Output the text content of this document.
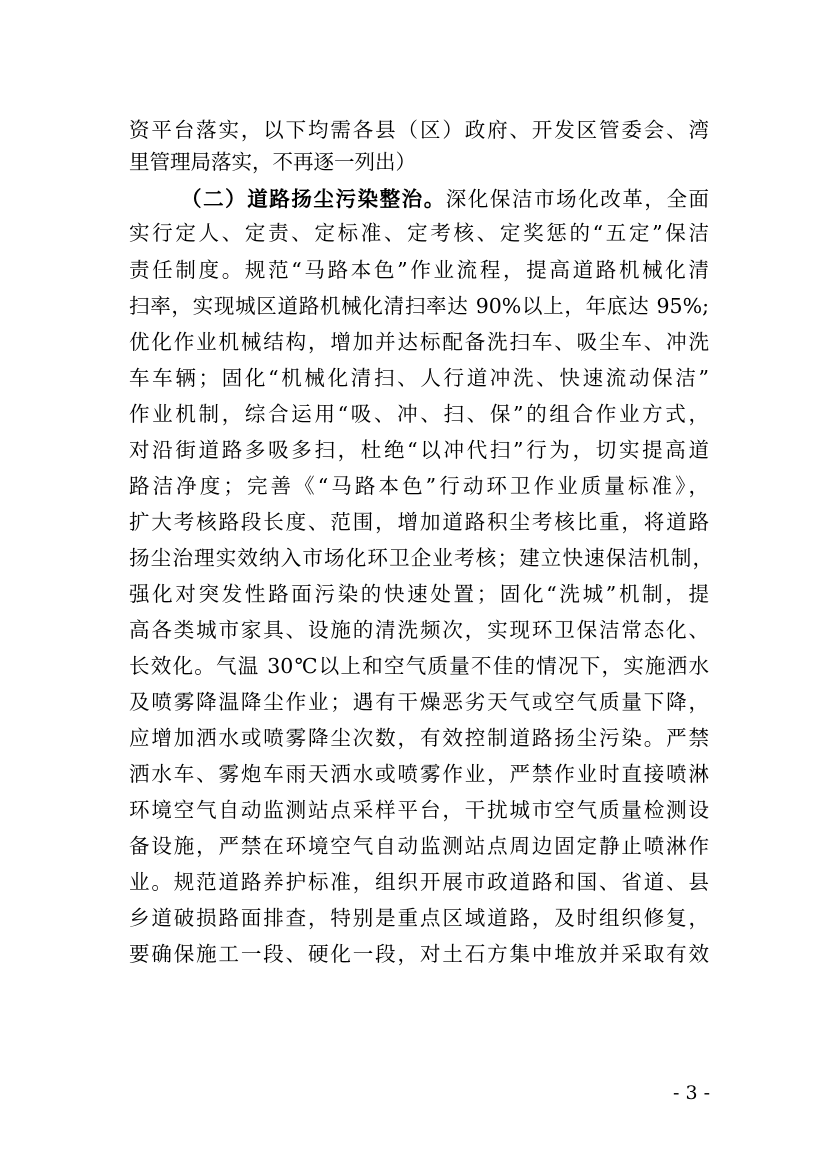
资平台落实，以下均需各县（区）政府、开发区管委会、湾
里管理局落实，不再逐一列出）
（二）道路扬尘污染整治。深化保洁市场化改革，全面
实行定人、定责、定标准、定考核、定奖惩的“五定”保洁
责任制度。规范“马路本色”作业流程，提高道路机械化清
扫率，实现城区道路机械化清扫率达 90%以上，年底达 95%;
优化作业机械结构，增加并达标配备洗扫车、吸尘车、冲洗
车车辆；固化“机械化清扫、人行道冲洗、快速流动保洁”
作业机制，综合运用“吸、冲、扫、保”的组合作业方式，
对沿街道路多吸多扫，杜绝“以冲代扫”行为，切实提高道
路洁净度；完善《“马路本色”行动环卫作业质量标准》，
扩大考核路段长度、范围，增加道路积尘考核比重，将道路
扬尘治理实效纳入市场化环卫企业考核；建立快速保洁机制，
强化对突发性路面污染的快速处置；固化“洗城”机制，提
高各类城市家具、设施的清洗频次，实现环卫保洁常态化、
长效化。气温 30℃以上和空气质量不佳的情况下，实施洒水
及喷雾降温降尘作业；遇有干燥恶劣天气或空气质量下降，
应增加洒水或喷雾降尘次数，有效控制道路扬尘污染。严禁
洒水车、雾炮车雨天洒水或喷雾作业，严禁作业时直接喷淋
环境空气自动监测站点采样平台，干扰城市空气质量检测设
备设施，严禁在环境空气自动监测站点周边固定静止喷淋作
业。规范道路养护标准，组织开展市政道路和国、省道、县
乡道破损路面排查，特别是重点区域道路，及时组织修复，
要确保施工一段、硬化一段，对土石方集中堆放并采取有效
- 3 -
